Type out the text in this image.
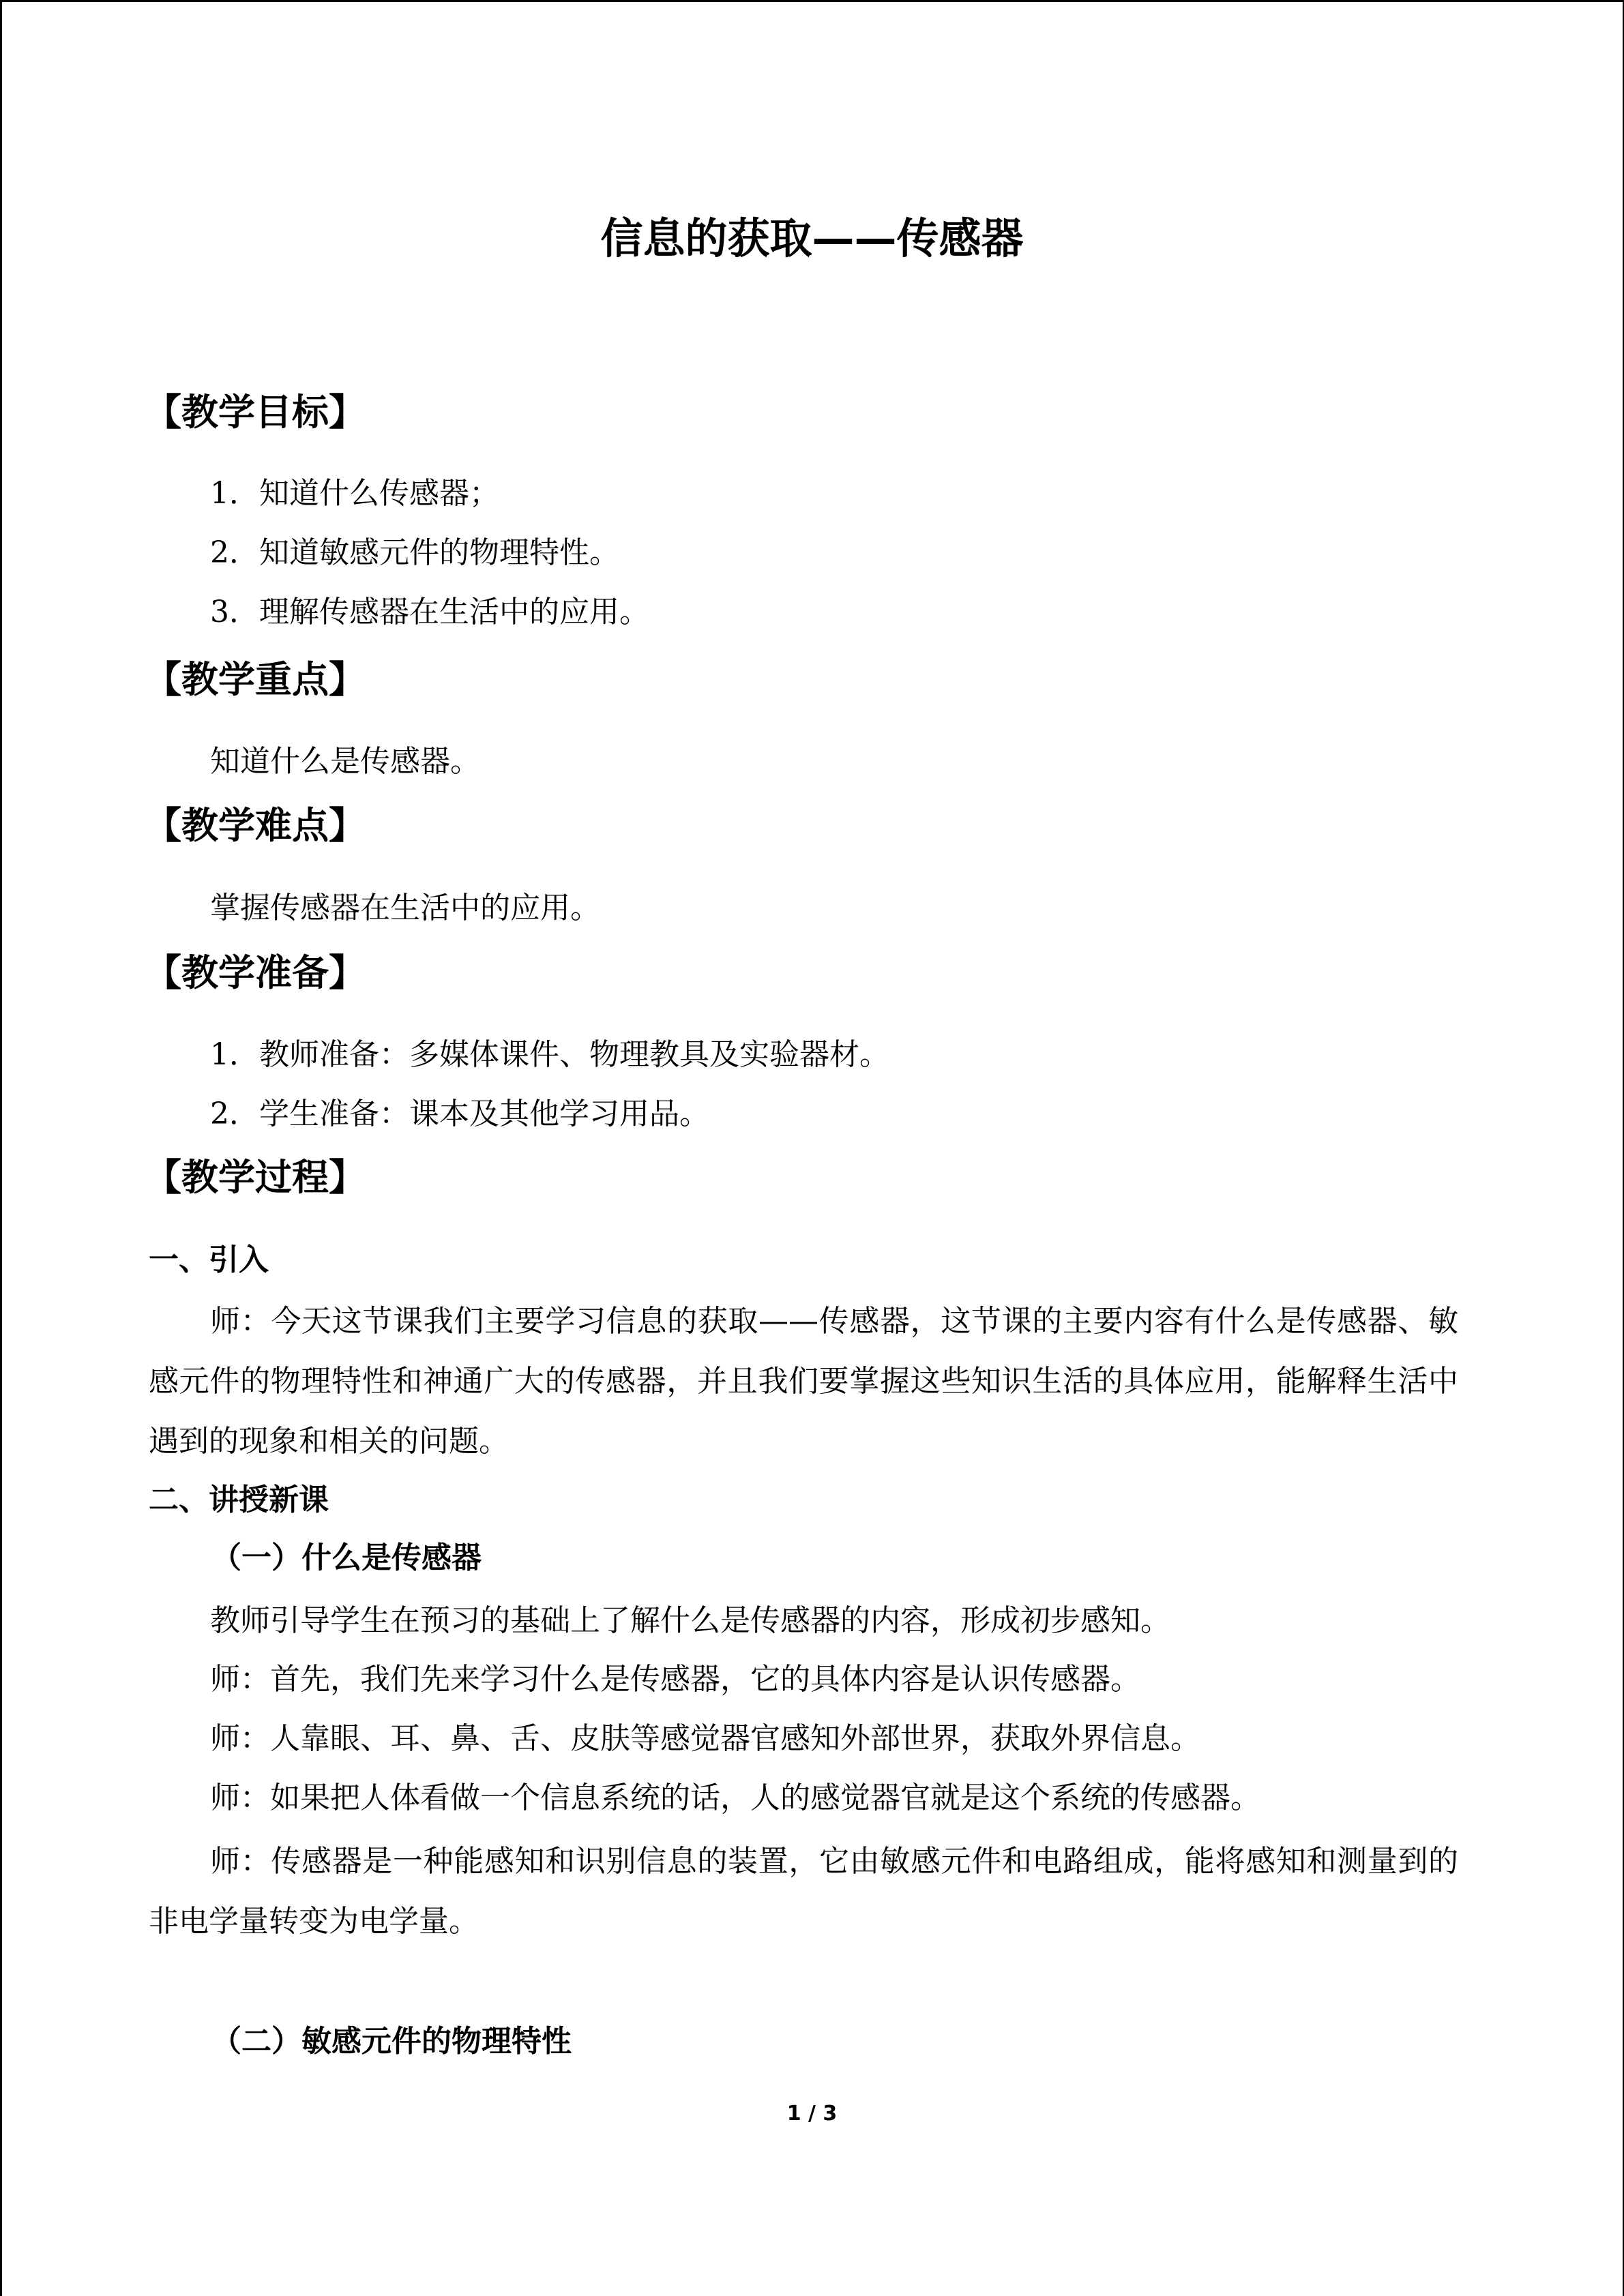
信息的获取——传感器
【教学目标】
1．知道什么传感器；
2．知道敏感元件的物理特性。
3．理解传感器在生活中的应用。
【教学重点】
知道什么是传感器。
【教学难点】
掌握传感器在生活中的应用。
【教学准备】
1．教师准备：多媒体课件、物理教具及实验器材。
2．学生准备：课本及其他学习用品。
【教学过程】
一、引入
师：今天这节课我们主要学习信息的获取——传感器，这节课的主要内容有什么是传感器、敏感元件的物理特性和神通广大的传感器，并且我们要掌握这些知识生活的具体应用，能解释生活中遇到的现象和相关的问题。
二、讲授新课
（一）什么是传感器
教师引导学生在预习的基础上了解什么是传感器的内容，形成初步感知。
师：首先，我们先来学习什么是传感器，它的具体内容是认识传感器。
师：人靠眼、耳、鼻、舌、皮肤等感觉器官感知外部世界，获取外界信息。
师：如果把人体看做一个信息系统的话，人的感觉器官就是这个系统的传感器。
师：传感器是一种能感知和识别信息的装置，它由敏感元件和电路组成，能将感知和测量到的非电学量转变为电学量。
（二）敏感元件的物理特性
1 / 3
